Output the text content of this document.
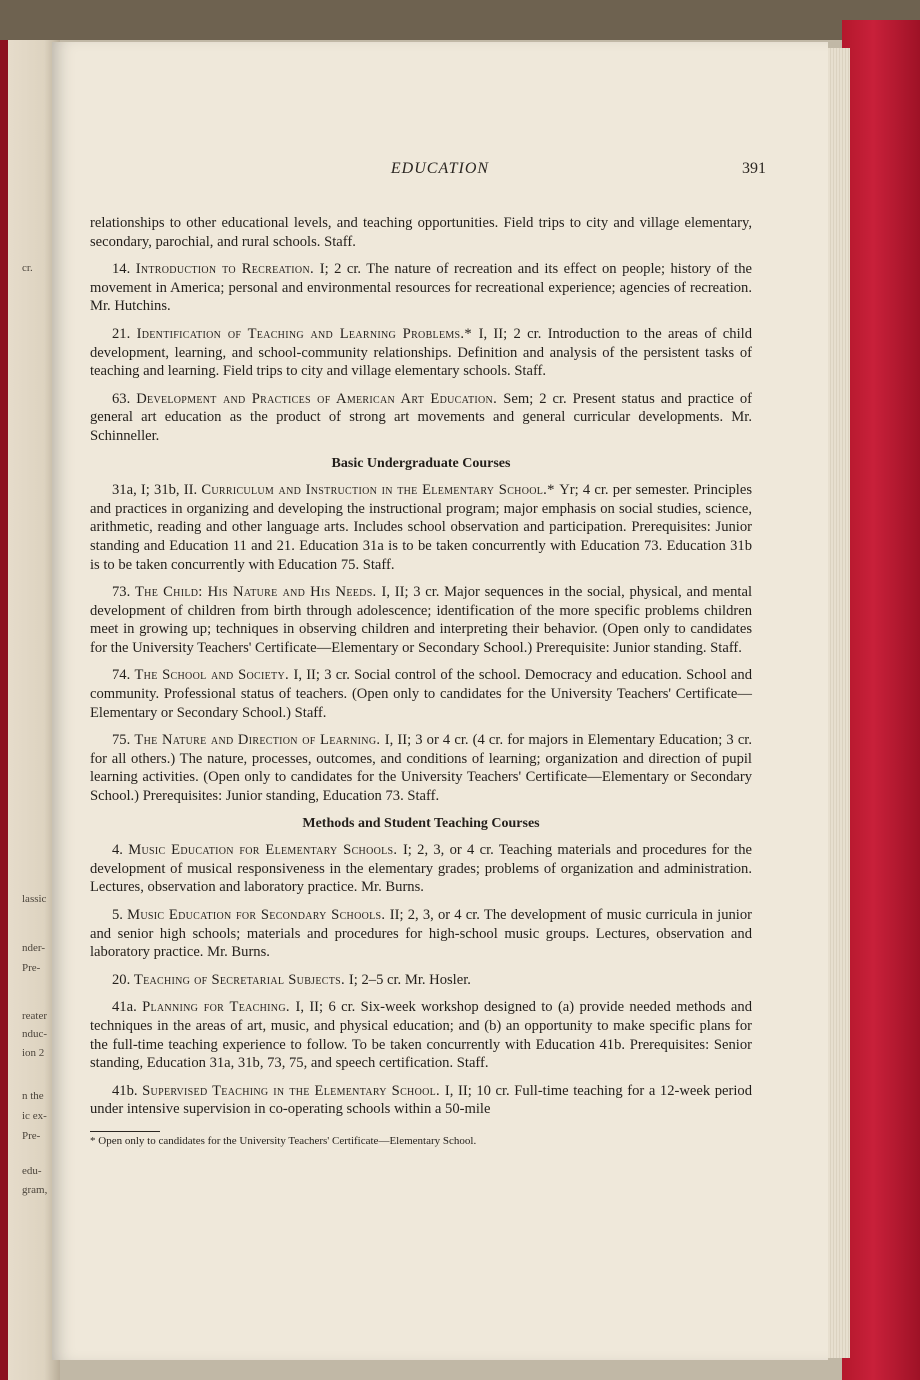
cr.
lassic
nder-
Pre-
reater
nduc-
ion 2
n the
ic ex-
Pre-
edu-
gram,
EDUCATION	391

relationships to other educational levels, and teaching opportunities. Field trips to city and village elementary, secondary, parochial, and rural schools. Staff.

14. Introduction to Recreation. I; 2 cr. The nature of recreation and its effect on people; history of the movement in America; personal and environmental resources for recreational experience; agencies of recreation. Mr. Hutchins.

21. Identification of Teaching and Learning Problems.* I, II; 2 cr. Introduction to the areas of child development, learning, and school-community relationships. Definition and analysis of the persistent tasks of teaching and learning. Field trips to city and village elementary schools. Staff.

63. Development and Practices of American Art Education. Sem; 2 cr. Present status and practice of general art education as the product of strong art movements and general curricular developments. Mr. Schinneller.

Basic Undergraduate Courses

31a, I; 31b, II. Curriculum and Instruction in the Elementary School.* Yr; 4 cr. per semester. Principles and practices in organizing and developing the instructional program; major emphasis on social studies, science, arithmetic, reading and other language arts. Includes school observation and participation. Prerequisites: Junior standing and Education 11 and 21. Education 31a is to be taken concurrently with Education 73. Education 31b is to be taken concurrently with Education 75. Staff.

73. The Child: His Nature and His Needs. I, II; 3 cr. Major sequences in the social, physical, and mental development of children from birth through adolescence; identification of the more specific problems children meet in growing up; techniques in observing children and interpreting their behavior. (Open only to candidates for the University Teachers' Certificate—Elementary or Secondary School.) Prerequisite: Junior standing. Staff.

74. The School and Society. I, II; 3 cr. Social control of the school. Democracy and education. School and community. Professional status of teachers. (Open only to candidates for the University Teachers' Certificate—Elementary or Secondary School.) Staff.

75. The Nature and Direction of Learning. I, II; 3 or 4 cr. (4 cr. for majors in Elementary Education; 3 cr. for all others.) The nature, processes, outcomes, and conditions of learning; organization and direction of pupil learning activities. (Open only to candidates for the University Teachers' Certificate—Elementary or Secondary School.) Prerequisites: Junior standing, Education 73. Staff.

Methods and Student Teaching Courses

4. Music Education for Elementary Schools. I; 2, 3, or 4 cr. Teaching materials and procedures for the development of musical responsiveness in the elementary grades; problems of organization and administration. Lectures, observation and laboratory practice. Mr. Burns.

5. Music Education for Secondary Schools. II; 2, 3, or 4 cr. The development of music curricula in junior and senior high schools; materials and procedures for high-school music groups. Lectures, observation and laboratory practice. Mr. Burns.

20. Teaching of Secretarial Subjects. I; 2–5 cr. Mr. Hosler.

41a. Planning for Teaching. I, II; 6 cr. Six-week workshop designed to (a) provide needed methods and techniques in the areas of art, music, and physical education; and (b) an opportunity to make specific plans for the full-time teaching experience to follow. To be taken concurrently with Education 41b. Prerequisites: Senior standing, Education 31a, 31b, 73, 75, and speech certification. Staff.

41b. Supervised Teaching in the Elementary School. I, II; 10 cr. Full-time teaching for a 12-week period under intensive supervision in co-operating schools within a 50-mile

* Open only to candidates for the University Teachers' Certificate—Elementary School.
